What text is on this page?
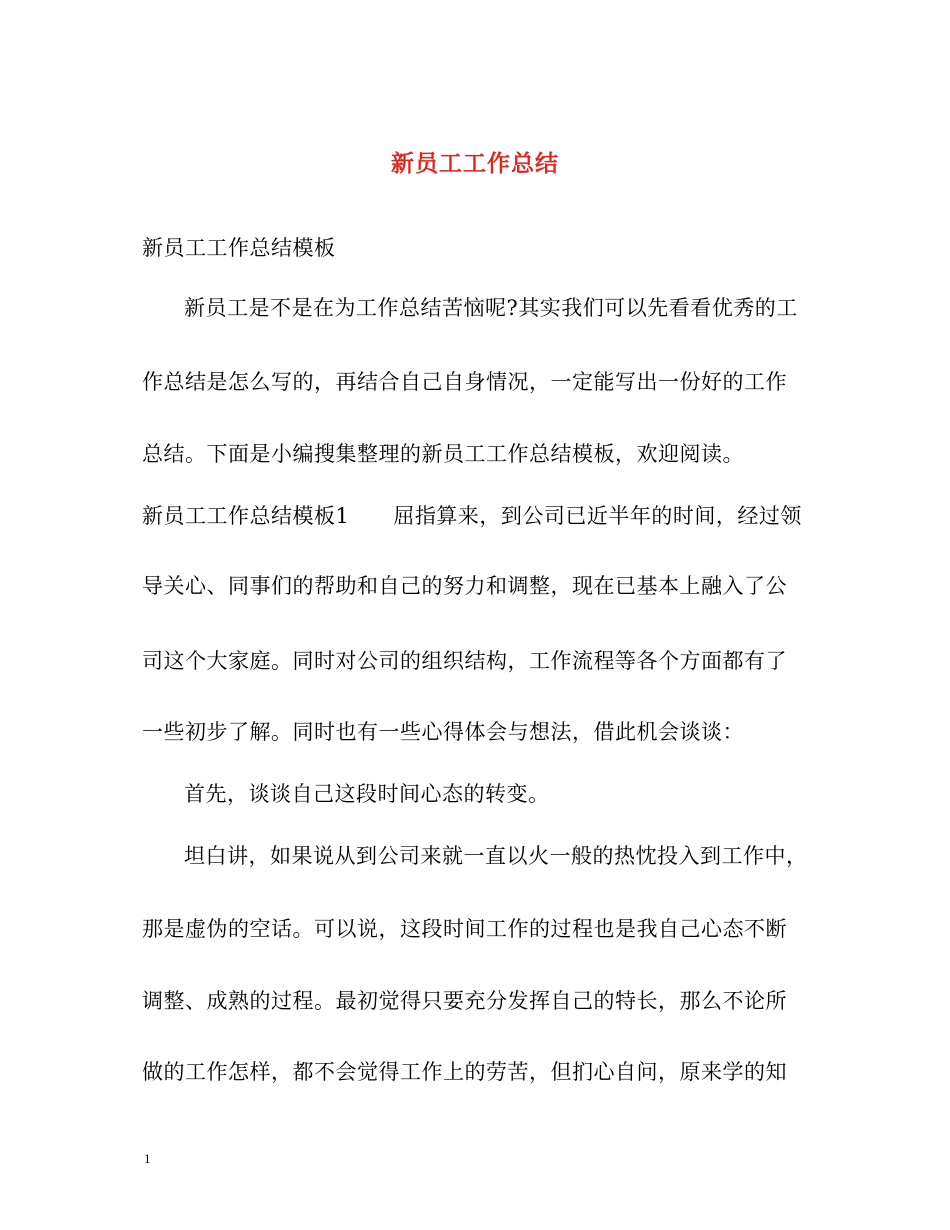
新员工工作总结
新员工工作总结模板
新员工是不是在为工作总结苦恼呢?其实我们可以先看看优秀的工
作总结是怎么写的，再结合自己自身情况，一定能写出一份好的工作
总结。下面是小编搜集整理的新员工工作总结模板，欢迎阅读。
新员工工作总结模板1 屈指算来，到公司已近半年的时间，经过领
导关心、同事们的帮助和自己的努力和调整，现在已基本上融入了公
司这个大家庭。同时对公司的组织结构，工作流程等各个方面都有了
一些初步了解。同时也有一些心得体会与想法，借此机会谈谈：
首先，谈谈自己这段时间心态的转变。
坦白讲，如果说从到公司来就一直以火一般的热忱投入到工作中，
那是虚伪的空话。可以说，这段时间工作的过程也是我自己心态不断
调整、成熟的过程。最初觉得只要充分发挥自己的特长，那么不论所
做的工作怎样，都不会觉得工作上的劳苦，但扪心自问，原来学的知
1
